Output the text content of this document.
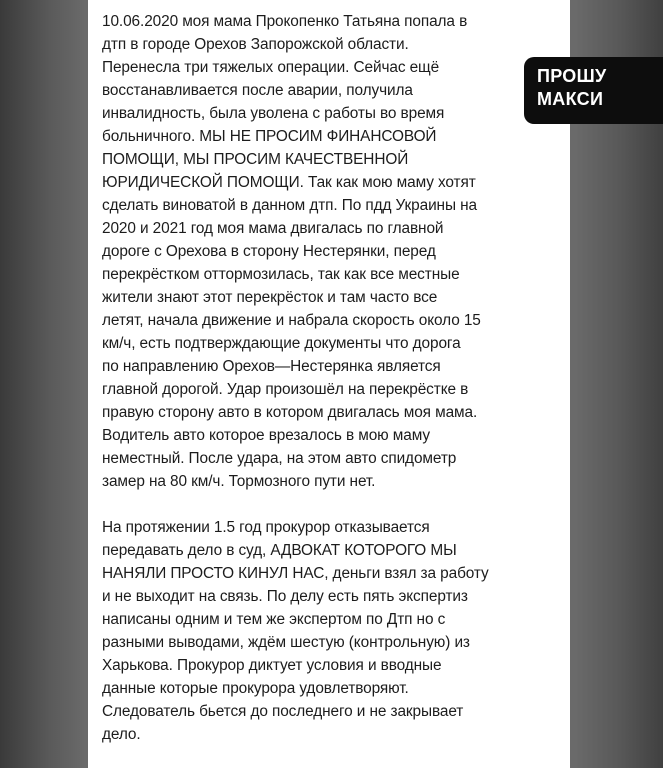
10.06.2020 моя мама Прокопенко Татьяна попала в
дтп в городе Орехов Запорожской области.
Перенесла три тяжелых операции. Сейчас ещё
восстанавливается после аварии, получила
инвалидность, была уволена с работы во время
больничного. МЫ НЕ ПРОСИМ ФИНАНСОВОЙ
ПОМОЩИ, МЫ ПРОСИМ КАЧЕСТВЕННОЙ
ЮРИДИЧЕСКОЙ ПОМОЩИ. Так как мою маму хотят
сделать виноватой в данном дтп. По пдд Украины на
2020 и 2021 год моя мама двигалась по главной
дороге с Орехова в сторону Нестерянки, перед
перекрёстком оттормозилась, так как все местные
жители знают этот перекрёсток и там часто все
летят, начала движение и набрала скорость около 15
км/ч, есть подтверждающие документы что дорога
по направлению Орехов—Нестерянка является
главной дорогой. Удар произошёл на перекрёстке в
правую сторону авто в котором двигалась моя мама.
Водитель авто которое врезалось в мою маму
неместный. После удара, на этом авто спидометр
замер на 80 км/ч. Тормозного пути нет.

На протяжении 1.5 год прокурор отказывается
передавать дело в суд, АДВОКАТ КОТОРОГО МЫ
НАНЯЛИ ПРОСТО КИНУЛ НАС, деньги взял за работу
и не выходит на связь. По делу есть пять экспертиз
написаны одним и тем же экспертом по Дтп но с
разными выводами, ждём шестую (контрольную) из
Харькова. Прокурор диктует условия и вводные
данные которые прокурора удовлетворяют.
Следователь бьется до последнего и не закрывает
дело.

ПРОШУ
МАКСИ
